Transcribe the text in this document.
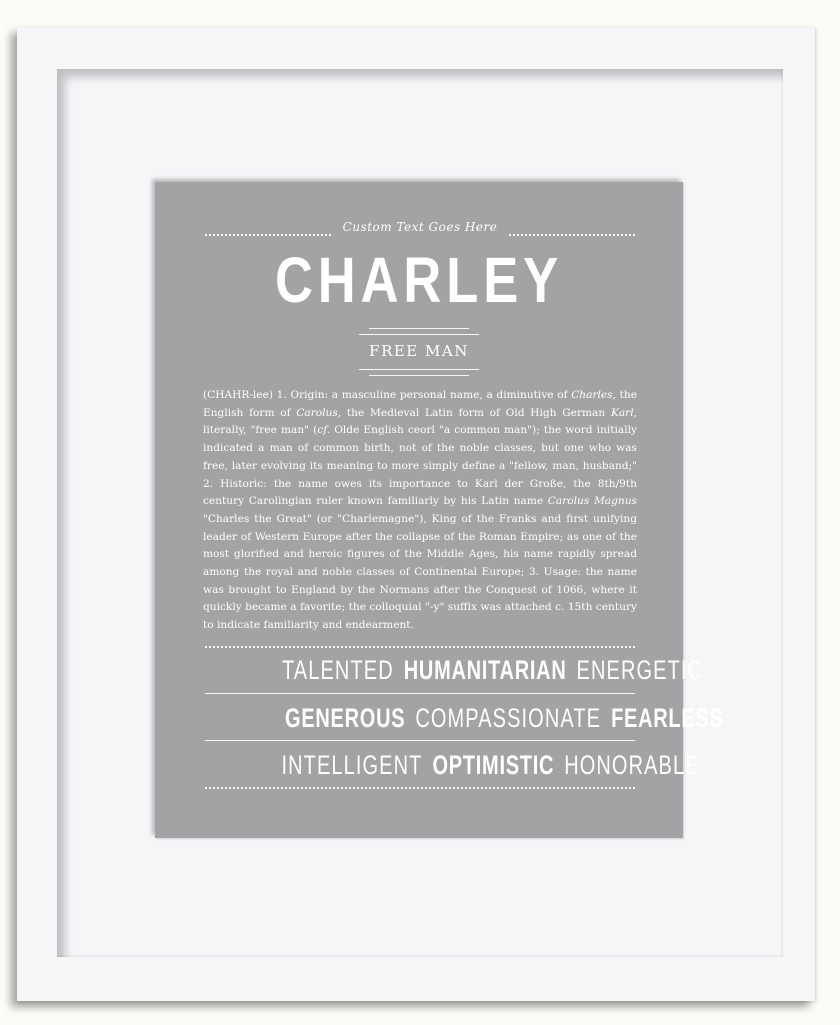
Custom Text Goes Here
CHARLEY
FREE MAN
(CHAHR-lee) 1. Origin: a masculine personal name, a diminutive of Charles, the English form of Carolus, the Medieval Latin form of Old High German Karl, literally, "free man" (cf. Olde English ceorl "a common man"); the word initially indicated a man of common birth, not of the noble classes, but one who was free, later evolving its meaning to more simply define a "fellow, man, husband;" 2. Historic: the name owes its importance to Karl der Große, the 8th/9th century Carolingian ruler known familiarly by his Latin name Carolus Magnus "Charles the Great" (or "Charlemagne"), King of the Franks and first unifying leader of Western Europe after the collapse of the Roman Empire; as one of the most glorified and heroic figures of the Middle Ages, his name rapidly spread among the royal and noble classes of Continental Europe; 3. Usage: the name was brought to England by the Normans after the Conquest of 1066, where it quickly became a favorite; the colloquial "-y" suffix was attached c. 15th century to indicate familiarity and endearment.
TALENTED HUMANITARIAN ENERGETIC
GENEROUS COMPASSIONATE FEARLESS
INTELLIGENT OPTIMISTIC HONORABLE
